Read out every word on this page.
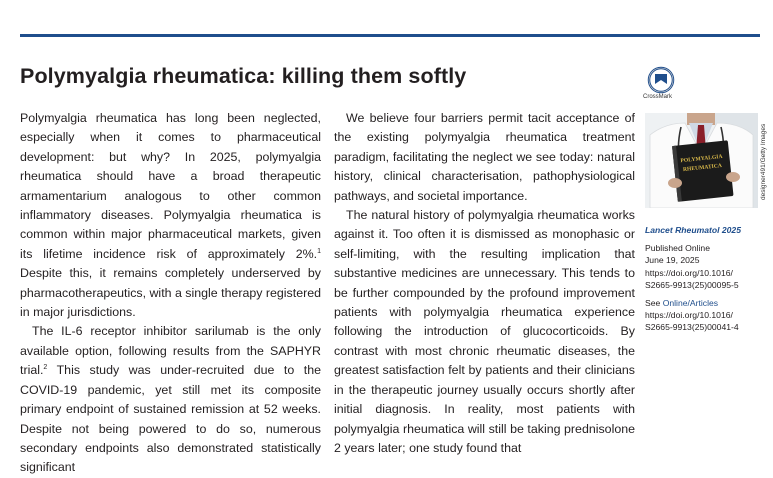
Polymyalgia rheumatica: killing them softly
CrossMark
POLYMYALGIA
RHEUMATICA	designer491/Getty Images

Polymyalgia rheumatica has long been neglected, especially when it comes to pharmaceutical development: but why? In 2025, polymyalgia rheumatica should have a broad therapeutic armamentarium analogous to other common inflammatory diseases. Polymyalgia rheumatica is common within major pharmaceutical markets, given its lifetime incidence risk of approximately 2%.$^1$ Despite this, it remains completely underserved by pharmacotherapeutics, with a single therapy registered in major jurisdictions.

The IL-6 receptor inhibitor sarilumab is the only available option, following results from the SAPHYR trial.$^2$ This study was under-recruited due to the COVID-19 pandemic, yet still met its composite primary endpoint of sustained remission at 52 weeks. Despite not being powered to do so, numerous secondary endpoints also demonstrated statistically significant

We believe four barriers permit tacit acceptance of the existing polymyalgia rheumatica treatment paradigm, facilitating the neglect we see today: natural history, clinical characterisation, pathophysiological pathways, and societal importance.

The natural history of polymyalgia rheumatica works against it. Too often it is dismissed as monophasic or self-limiting, with the resulting implication that substantive medicines are unnecessary. This tends to be further compounded by the profound improvement patients with polymyalgia rheumatica experience following the introduction of glucocorticoids. By contrast with most chronic rheumatic diseases, the greatest satisfaction felt by patients and their clinicians in the therapeutic journey usually occurs shortly after initial diagnosis. In reality, most patients with polymyalgia rheumatica will still be taking prednisolone 2 years later; one study found that

Lancet Rheumatol 2025
Published Online
June 19, 2025
https://doi.org/10.1016/
S2665-9913(25)00095-5
See Online/Articles
https://doi.org/10.1016/
S2665-9913(25)00041-4
